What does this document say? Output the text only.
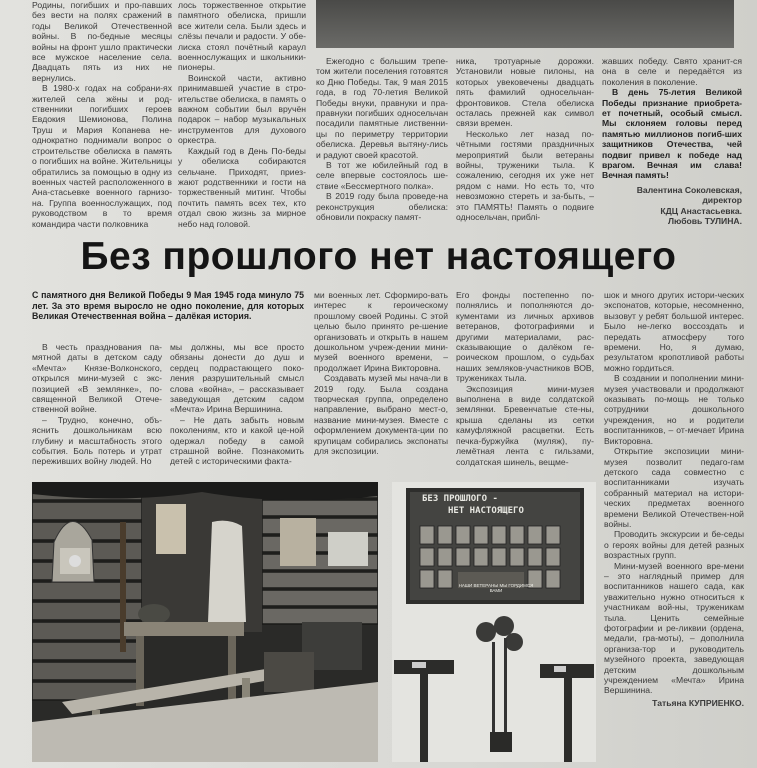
Родины, погибших и про-павших без вести на полях сражений в годы Великой Отечественной войны. В по-бедные месяцы войны на фронт ушло практически все мужское население села. Двадцать пять из них не вернулись.

В 1980-х годах на собрани-ях жителей села жёны и род-ственники погибших героев Евдокия Шемионова, Полина Труш и Мария Копанева не-однократно поднимали вопрос о строительстве обелиска в память о погибших на войне. Жительницы обратились за помощью в одну из военных частей расположенного в Ана-стасьевке военного гарнизо-на. Группа военнослужащих, под руководством в то время командира части полковника

лось торжественное открытие памятного обелиска, пришли все жители села. Были здесь и слёзы печали и радости. У обе-лиска стоял почётный караул военнослужащих и школьники-пионеры.

Воинской части, активно принимавшей участие в стро-ительстве обелиска, в память о важном событии был вручён подарок – набор музыкальных инструментов для духового оркестра.

Каждый год в День По-беды у обелиска собираются сельчане. Приходят, приез-жают родственники и гости на торжественный митинг. Чтобы почтить память всех тех, кто отдал свою жизнь за мирное небо над головой.

Ежегодно с большим трепе-том жители поселения готовятся ко Дню Победы. Так, 9 мая 2015 года, в год 70-летия Великой Победы внуки, правнуки и пра-правнуки погибших односельчан посадили памятные лиственни-цы по периметру территории обелиска. Деревья вытяну-лись и радуют своей красотой.

В тот же юбилейный год в селе впервые состоялось ше-ствие «Бессмертного полка».

В 2019 году была проведе-на реконструкция обелиска: обновили покраску памят-

ника, тротуарные дорожки. Установили новые пилоны, на которых увековечены двадцать пять фамилий односельчан-фронтовиков. Стела обелиска осталась прежней как символ связи времен.

Несколько лет назад по-чётными гостями праздничных мероприятий были ветераны войны, труженики тыла. К сожалению, сегодня их уже нет рядом с нами. Но есть то, что невозможно стереть и за-быть, – это ПАМЯТЬ! Память о подвиге односельчан, приблi-

жавших победу. Свято хранит-ся она в селе и передаётся из поколения в поколение.

В день 75-летия Великой Победы признание приобрета-ет почетный, особый смысл. Мы склоняем головы перед памятью миллионов погиб-ших защитников Отечества, чей подвиг привел к победе над врагом. Вечная им слава! Вечная память!

Валентина Соколевская,
директор
КДЦ Анастасьевка.
Любовь ТУЛИНА.
Без прошлого нет настоящего
С памятного дня Великой Победы 9 Мая 1945 года минуло 75 лет. За это время выросло не одно поколение, для которых Великая Отечественная война – далёкая история.

В честь празднования па-мятной даты в детском саду «Мечта» Князе-Волконского, открылся мини-музей с экс-позицией «В землянке», по-священной Великой Отече-ственной войне.

– Трудно, конечно, объ-яснить дошкольникам всю глубину и масштабность этого события. Боль потерь и утрат переживших войну людей. Но

мы должны, мы все просто обязаны донести до душ и сердец подрастающего поко-ления разрушительный смысл слова «война», – рассказывает заведующая детским садом «Мечта» Ирина Вершинина.

– Не дать забыть новым поколениям, кто и какой це-ной одержал победу в самой страшной войне. Познакомить детей с историческими факта-

ми военных лет. Сформиро-вать интерес к героическому прошлому своей Родины. С этой целью было принято ре-шение организовать и открыть в нашем дошкольном учреж-дении мини-музей военного времени, – продолжает Ирина Викторовна.

Создавать музей мы нача-ли в 2019 году. Была создана творческая группа, определено направление, выбрано мест-о, название мини-музея. Вместе с оформлением документа-ции по крупицам собирались экспонаты для экспозиции.

Его фонды постепенно по-полнялись и пополняются до-кументами из личных архивов ветеранов, фотографиями и другими материалами, рас-сказывающие о далёком ге-роическом прошлом, о судьбах наших земляков-участников ВОВ, тружениках тыла.

Экспозиция мини-музея выполнена в виде солдатской землянки. Бревенчатые сте-ны, крыша сделаны из сетки камуфляжной расцветки. Есть печка-буржуйка (муляж), пу-лемётная лента с гильзами, солдатская шинель, вещме-

шок и много других истори-ческих экспонатов, которые, несомненно, вызовут у ребят большой интерес. Было не-легко воссоздать и передать атмосферу того времени. Но, я думаю, результатом кропотливой работы можно гордиться.

В создании и пополнении мини-музея участвовали и продолжают оказывать по-мощь не только сотрудники дошкольного учреждения, но и родители воспитанников, – от-мечает Ирина Викторовна.

Открытие экспозиции мини-музея позволит педаго-гам детского сада совместно с воспитанниками изучать собранный материал на истори-ческих предметах военного времени Великой Отечествен-ной войны.

Проводить экскурсии и бе-седы о героях войны для детей разных возрастных групп.

Мини-музей военного вре-мени – это наглядный пример для воспитанников нашего сада, как уважительно нужно относиться к участникам вой-ны, труженикам тыла. Ценить семейные фотографии и ре-ликвии (ордена, медали, гра-моты), – дополнила организа-тор и руководитель музейного проекта, заведующая детским дошкольным учреждением «Мечта» Ирина Вершинина.

Татьяна КУПРИЕНКО.
БЕЗ ПРОШЛОГО -
НЕТ НАСТОЯЩЕГО
НАШИ ВЕТЕРАНЫ МЫ ГОРДИМСЯ ВАМИ
